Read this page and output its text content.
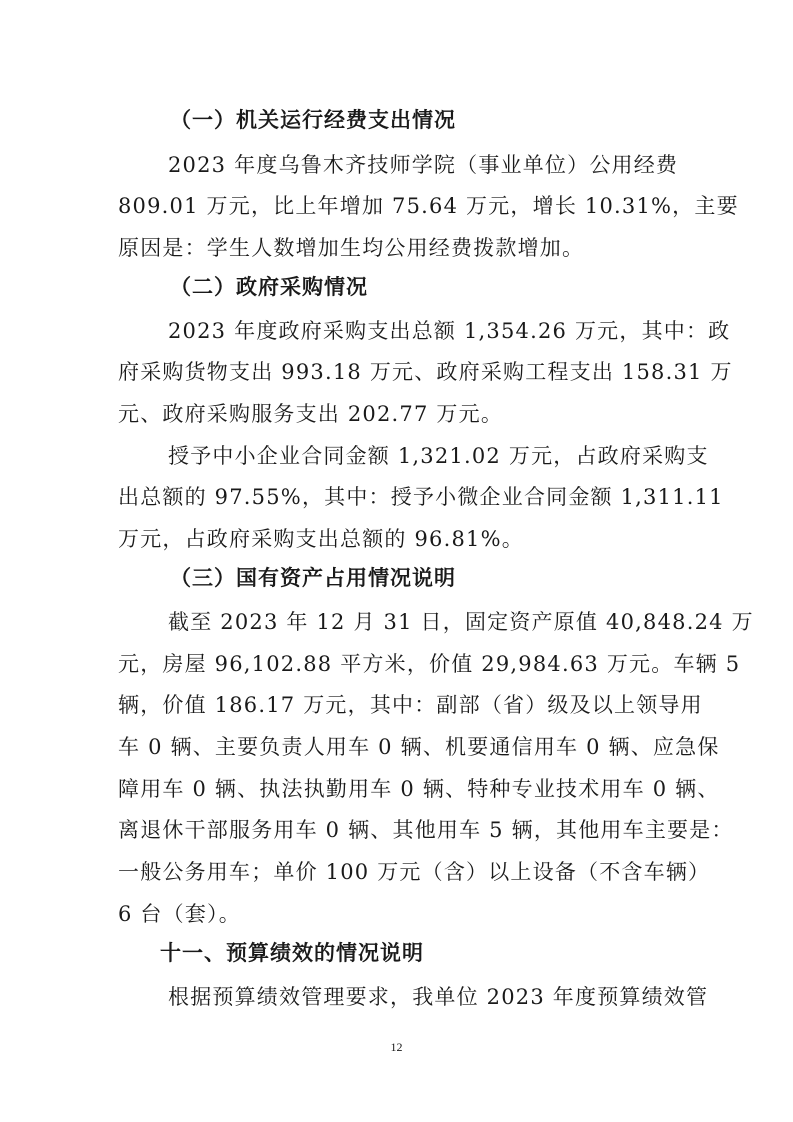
（一）机关运行经费支出情况
2023 年度乌鲁木齐技师学院（事业单位）公用经费
809.01 万元，比上年增加 75.64 万元，增长 10.31%，主要
原因是：学生人数增加生均公用经费拨款增加。
（二）政府采购情况
2023 年度政府采购支出总额 1,354.26 万元，其中：政
府采购货物支出 993.18 万元、政府采购工程支出 158.31 万
元、政府采购服务支出 202.77 万元。
授予中小企业合同金额 1,321.02 万元，占政府采购支
出总额的 97.55%，其中：授予小微企业合同金额 1,311.11
万元，占政府采购支出总额的 96.81%。
（三）国有资产占用情况说明
截至 2023 年 12 月 31 日，固定资产原值 40,848.24 万
元，房屋 96,102.88 平方米，价值 29,984.63 万元。车辆 5
辆，价值 186.17 万元，其中：副部（省）级及以上领导用
车 0 辆、主要负责人用车 0 辆、机要通信用车 0 辆、应急保
障用车 0 辆、执法执勤用车 0 辆、特种专业技术用车 0 辆、
离退休干部服务用车 0 辆、其他用车 5 辆，其他用车主要是：
一般公务用车；单价 100 万元（含）以上设备（不含车辆）
6 台（套）。
十一、预算绩效的情况说明
根据预算绩效管理要求，我单位 2023 年度预算绩效管
12
